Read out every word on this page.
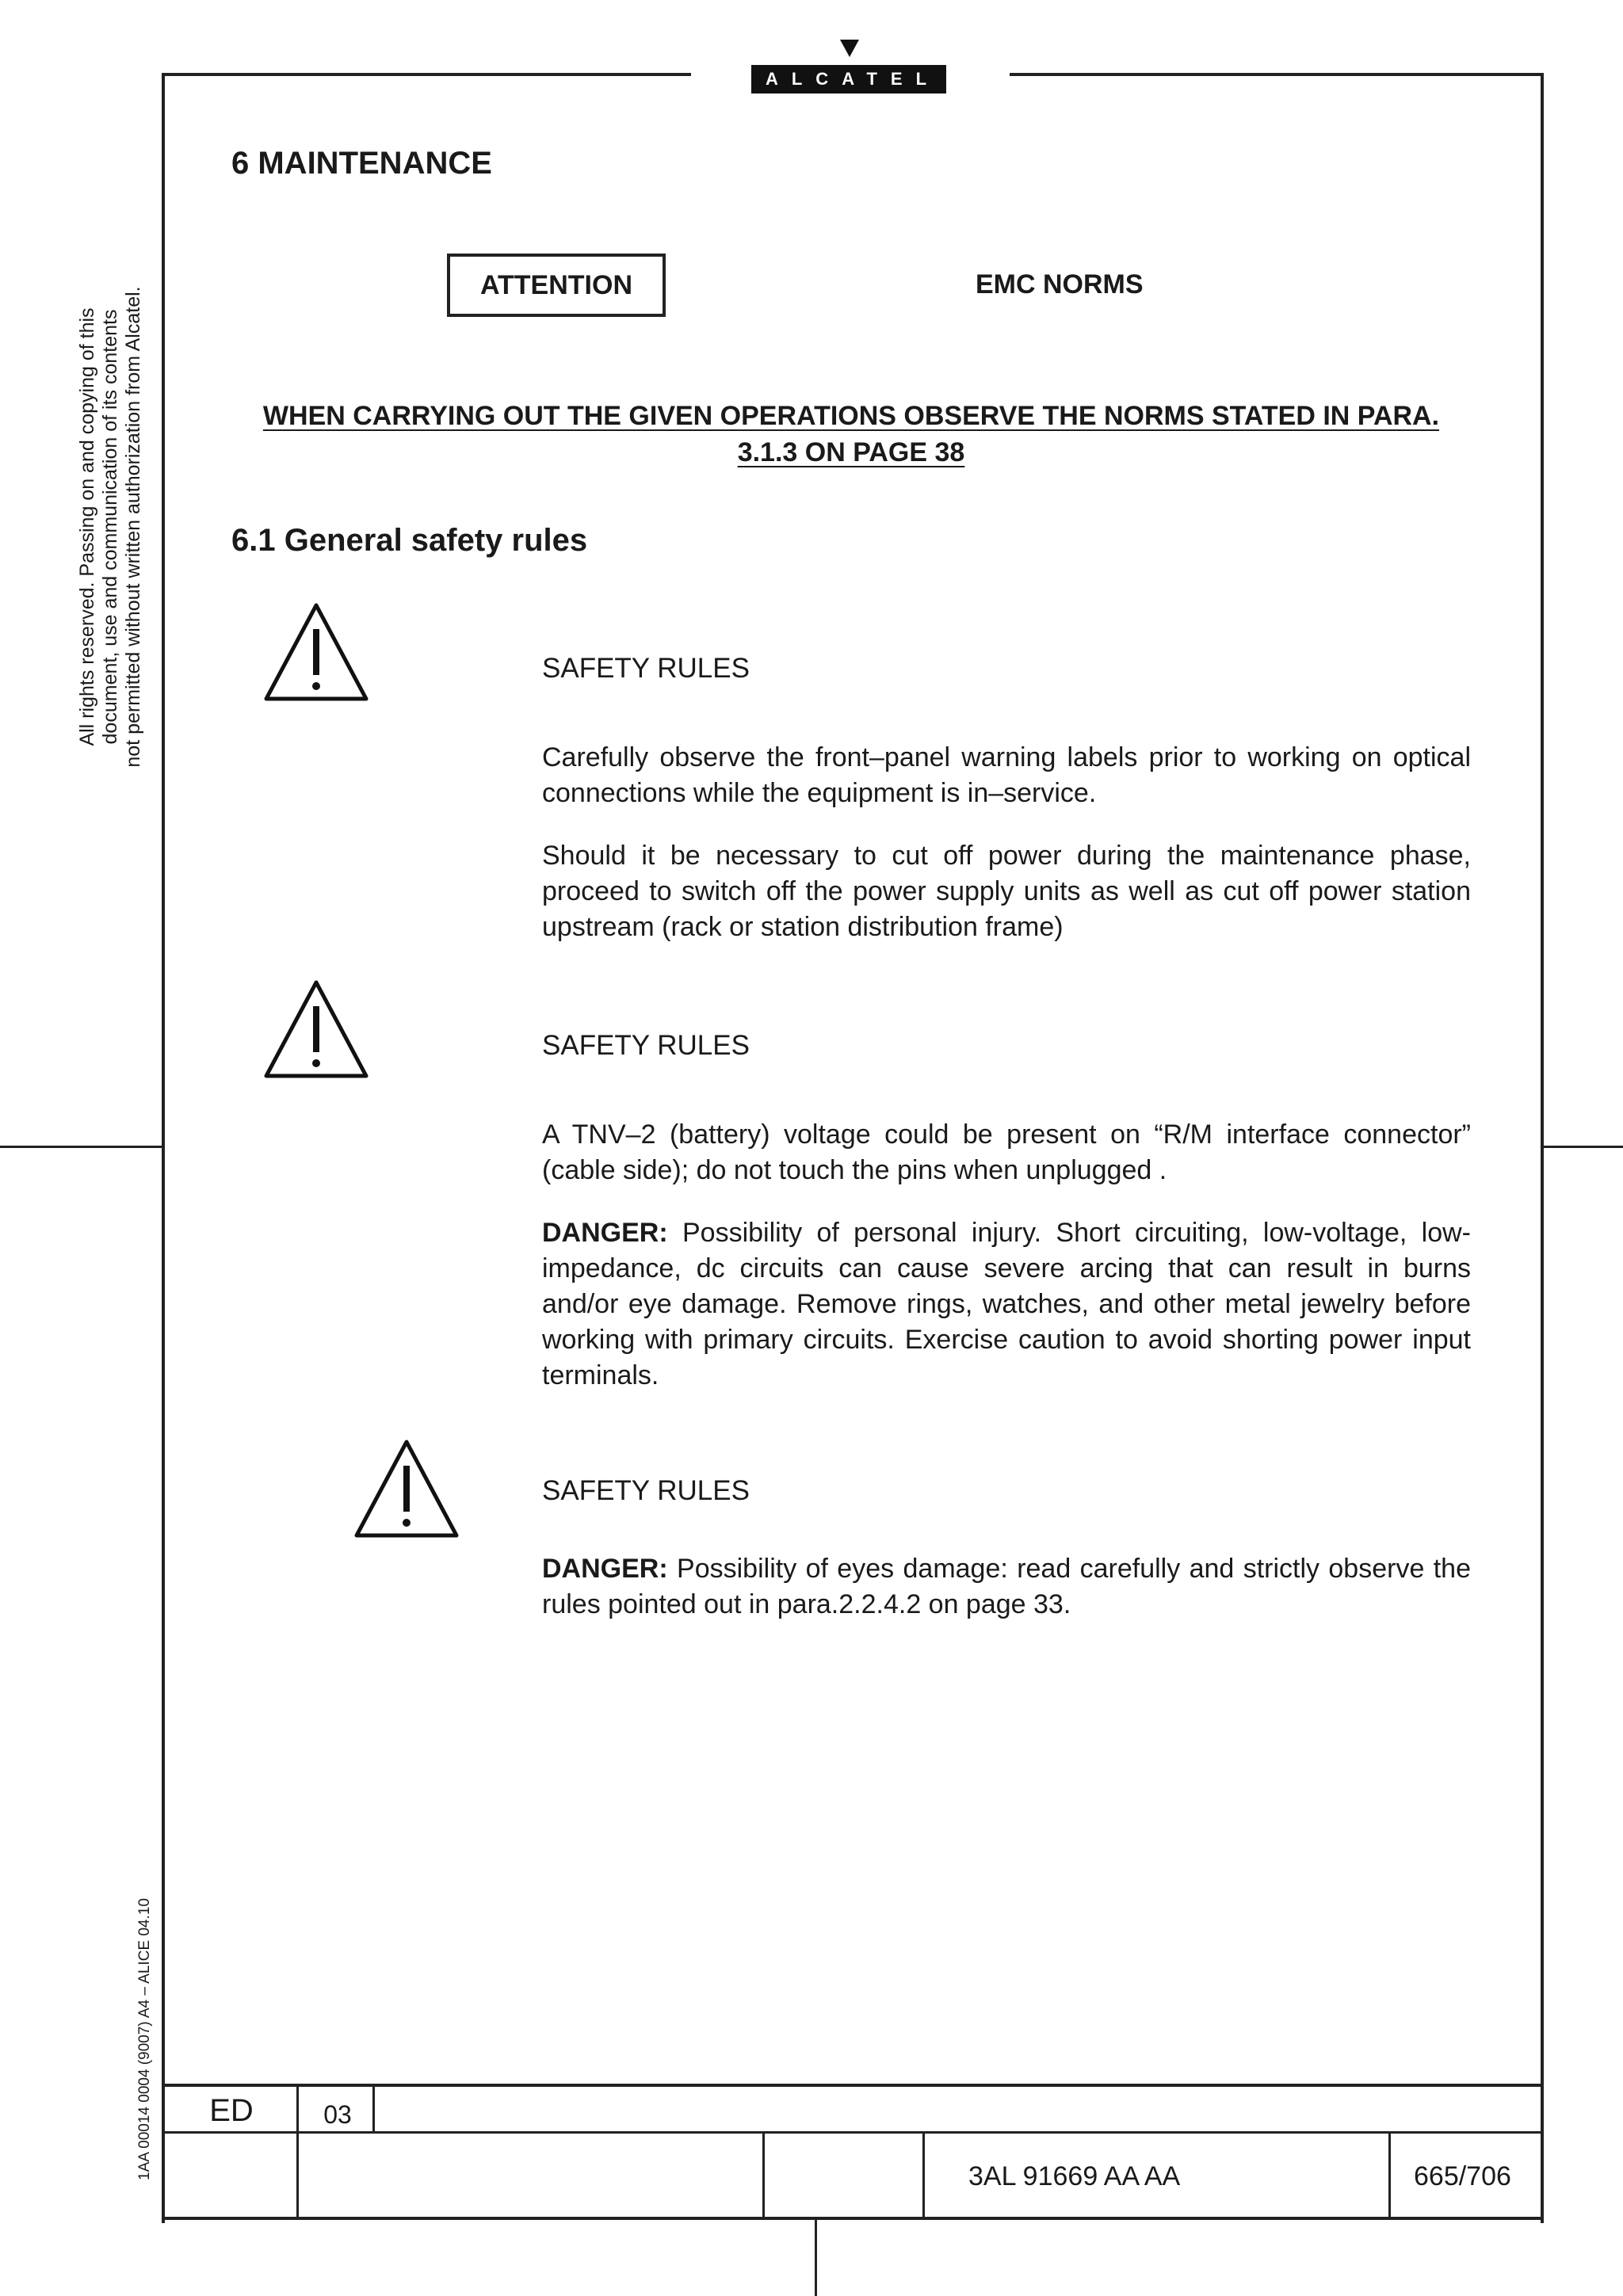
ALCATEL
All rights reserved. Passing on and copying of this document, use and communication of its contents not permitted without written authorization from Alcatel.
1AA 00014 0004 (9007) A4 – ALICE 04.10
6 MAINTENANCE
ATTENTION	EMC NORMS
WHEN CARRYING OUT THE GIVEN OPERATIONS OBSERVE THE NORMS STATED IN PARA.
3.1.3 ON PAGE 38
6.1 General safety rules
SAFETY RULES
Carefully observe the front–panel warning labels prior to working on optical connections while the equipment is in–service.
Should it be necessary to cut off power during the maintenance phase, proceed to switch off the power supply units as well as cut off power station upstream (rack or station distribution frame)
SAFETY RULES
A TNV–2 (battery) voltage could be present on “R/M interface connector” (cable side); do not touch the pins when unplugged .
DANGER: Possibility of personal injury. Short circuiting, low-voltage, low-impedance, dc circuits can cause severe arcing that can result in burns and/or eye damage. Remove rings, watches, and other metal jewelry before working with primary circuits. Exercise caution to avoid shorting power input terminals.
SAFETY RULES
DANGER: Possibility of eyes damage: read carefully and strictly observe the rules pointed out in para.2.2.4.2 on page 33.
ED	03
3AL 91669 AA AA	665/706
